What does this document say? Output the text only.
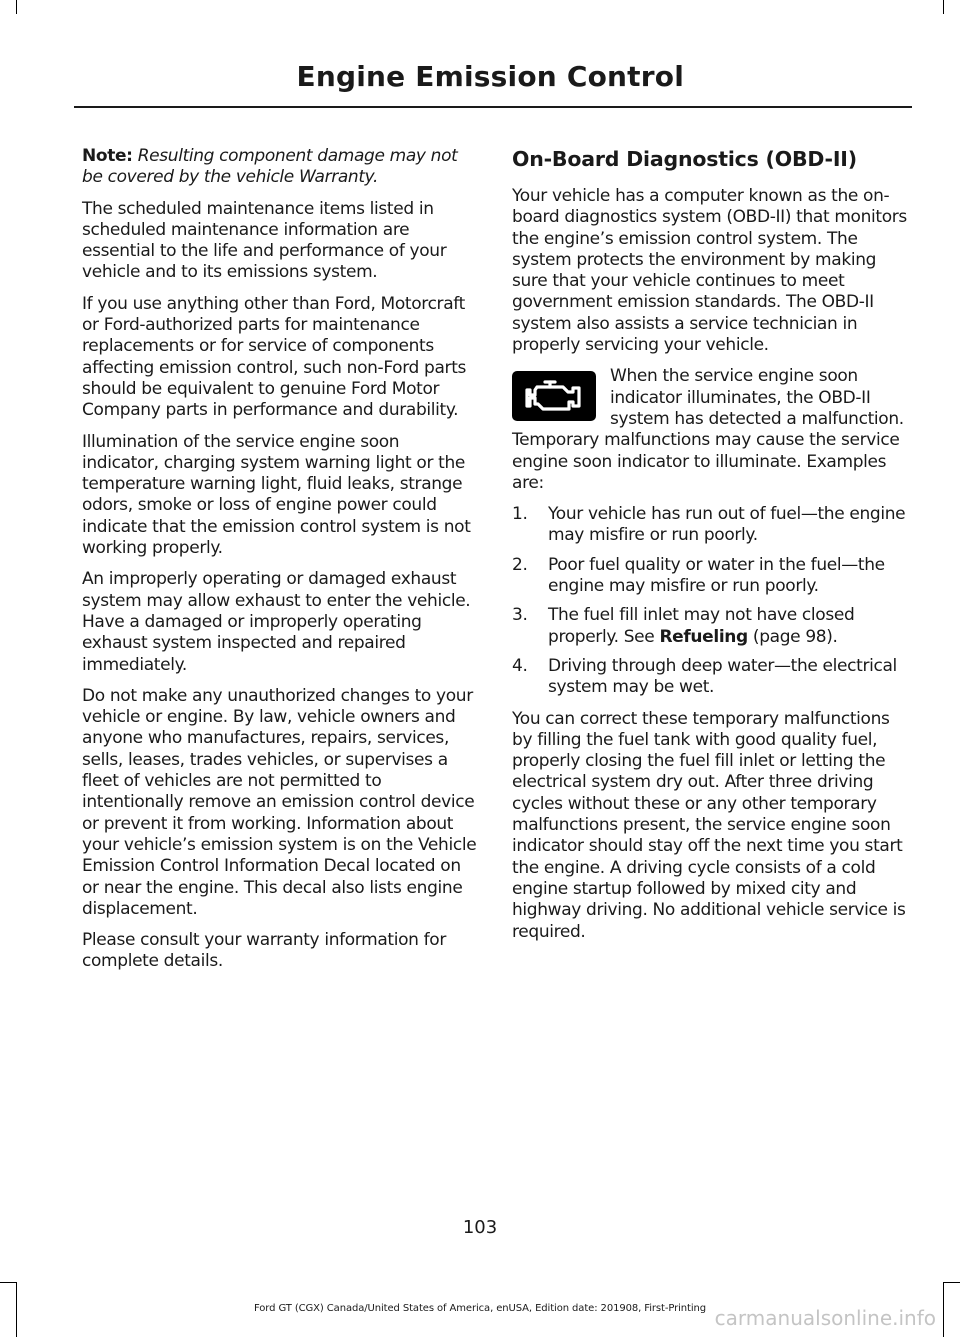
Engine Emission Control

Note: Resulting component damage may not be covered by the vehicle Warranty.

The scheduled maintenance items listed in scheduled maintenance information are essential to the life and performance of your vehicle and to its emissions system.

If you use anything other than Ford, Motorcraft or Ford-authorized parts for maintenance replacements or for service of components affecting emission control, such non-Ford parts should be equivalent to genuine Ford Motor Company parts in performance and durability.

Illumination of the service engine soon indicator, charging system warning light or the temperature warning light, fluid leaks, strange odors, smoke or loss of engine power could indicate that the emission control system is not working properly.

An improperly operating or damaged exhaust system may allow exhaust to enter the vehicle. Have a damaged or improperly operating exhaust system inspected and repaired immediately.

Do not make any unauthorized changes to your vehicle or engine. By law, vehicle owners and anyone who manufactures, repairs, services, sells, leases, trades vehicles, or supervises a fleet of vehicles are not permitted to intentionally remove an emission control device or prevent it from working. Information about your vehicle’s emission system is on the Vehicle Emission Control Information Decal located on or near the engine. This decal also lists engine displacement.

Please consult your warranty information for complete details.

On-Board Diagnostics (OBD-II)

Your vehicle has a computer known as the on-board diagnostics system (OBD-II) that monitors the engine’s emission control system. The system protects the environment by making sure that your vehicle continues to meet government emission standards. The OBD-II system also assists a service technician in properly servicing your vehicle.

When the service engine soon indicator illuminates, the OBD-II system has detected a malfunction. Temporary malfunctions may cause the service engine soon indicator to illuminate. Examples are:

1. Your vehicle has run out of fuel—the engine may misfire or run poorly.
2. Poor fuel quality or water in the fuel—the engine may misfire or run poorly.
3. The fuel fill inlet may not have closed properly. See Refueling (page 98).
4. Driving through deep water—the electrical system may be wet.

You can correct these temporary malfunctions by filling the fuel tank with good quality fuel, properly closing the fuel fill inlet or letting the electrical system dry out. After three driving cycles without these or any other temporary malfunctions present, the service engine soon indicator should stay off the next time you start the engine. A driving cycle consists of a cold engine startup followed by mixed city and highway driving. No additional vehicle service is required.

103
Ford GT (CGX) Canada/United States of America, enUSA, Edition date: 201908, First-Printing carmanualsonline.info
